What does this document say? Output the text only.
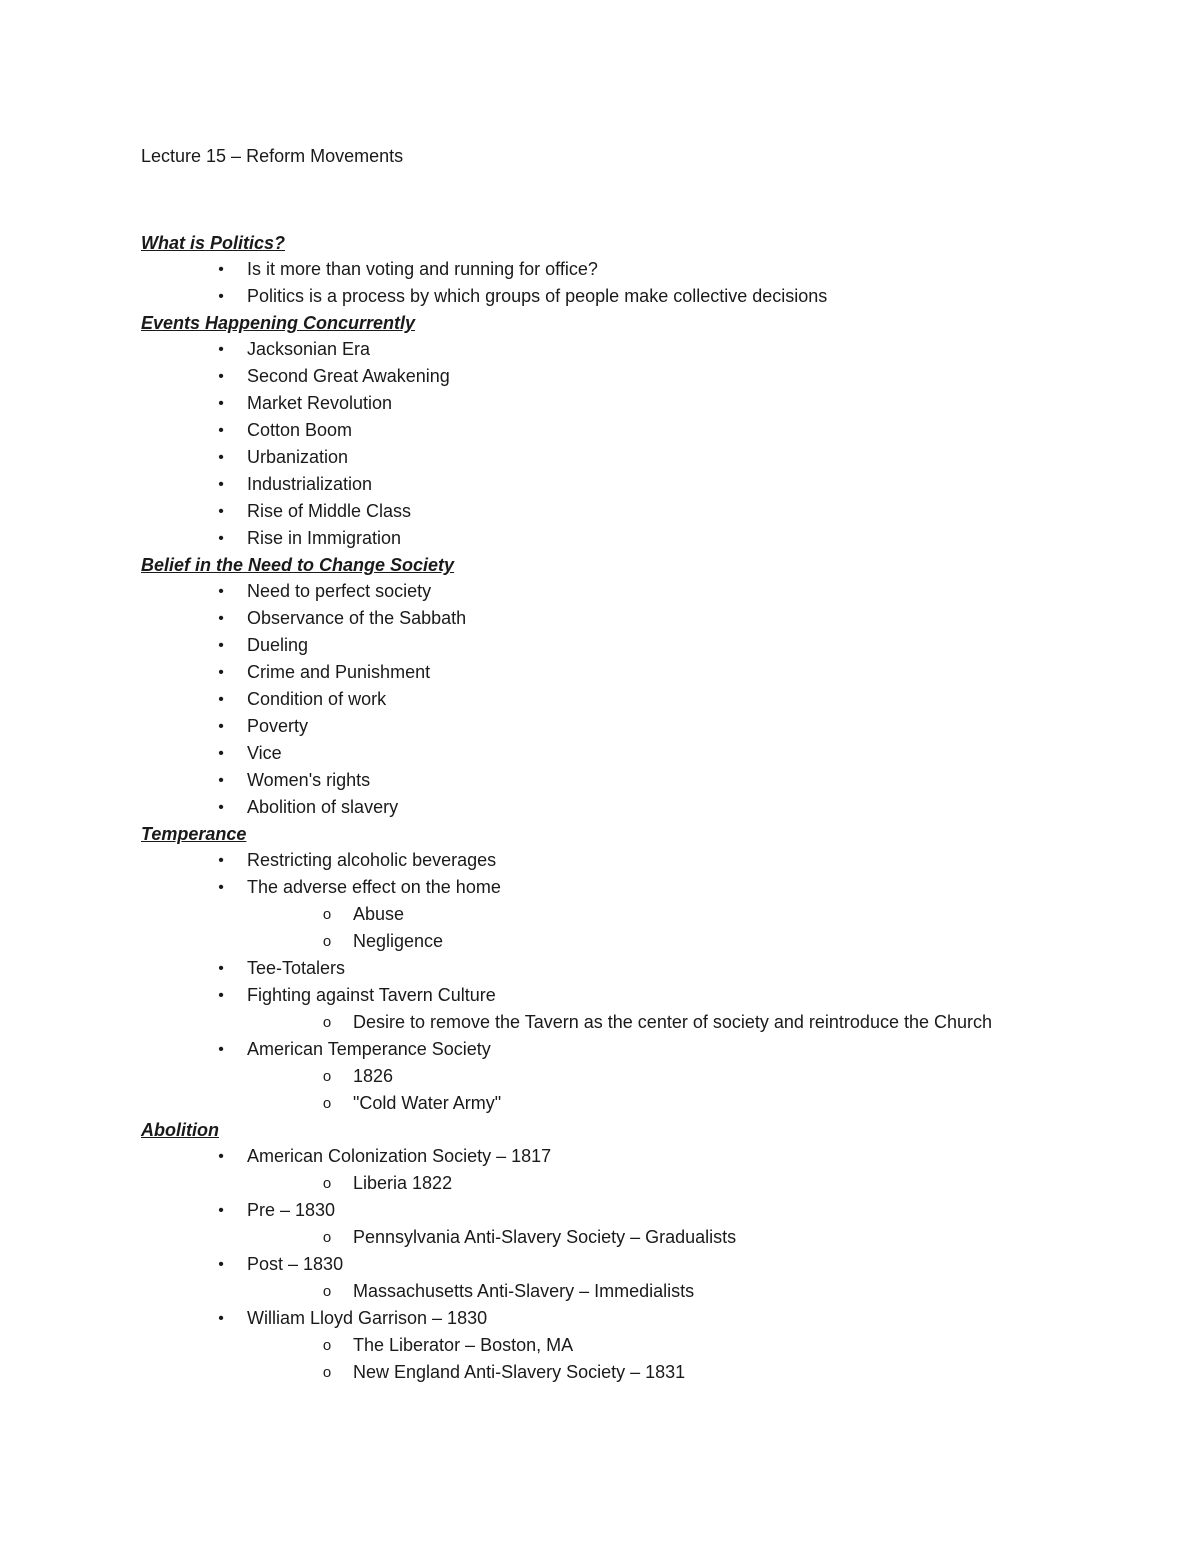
Lecture 15 – Reform Movements
What is Politics?
•	Is it more than voting and running for office?
•	Politics is a process by which groups of people make collective decisions
Events Happening Concurrently
•	Jacksonian Era
•	Second Great Awakening
•	Market Revolution
•	Cotton Boom
•	Urbanization
•	Industrialization
•	Rise of Middle Class
•	Rise in Immigration
Belief in the Need to Change Society
•	Need to perfect society
•	Observance of the Sabbath
•	Dueling
•	Crime and Punishment
•	Condition of work
•	Poverty
•	Vice
•	Women's rights
•	Abolition of slavery
Temperance
•	Restricting alcoholic beverages
•	The adverse effect on the home
o	Abuse
o	Negligence
•	Tee-Totalers
•	Fighting against Tavern Culture
o	Desire to remove the Tavern as the center of society and reintroduce the Church
•	American Temperance Society
o	1826
o	"Cold Water Army"
Abolition
•	American Colonization Society – 1817
o	Liberia 1822
•	Pre – 1830
o	Pennsylvania Anti-Slavery Society – Gradualists
•	Post – 1830
o	Massachusetts Anti-Slavery – Immedialists
•	William Lloyd Garrison – 1830
o	The Liberator – Boston, MA
o	New England Anti-Slavery Society – 1831
